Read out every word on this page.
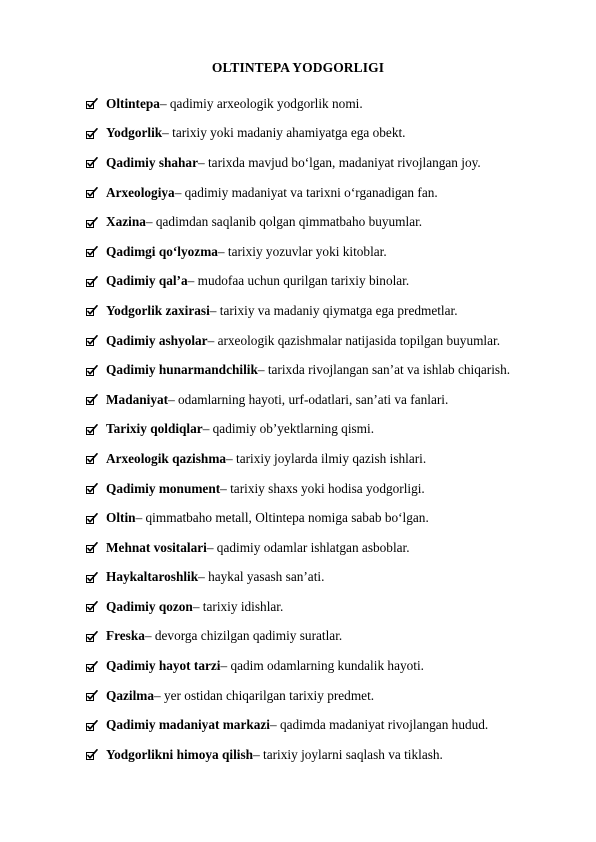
OLTINTEPA YODGORLIGI
Oltintepa – qadimiy arxeologik yodgorlik nomi.
Yodgorlik – tarixiy yoki madaniy ahamiyatga ega obekt.
Qadimiy shahar – tarixda mavjud bo‘lgan, madaniyat rivojlangan joy.
Arxeologiya – qadimiy madaniyat va tarixni o‘rganadigan fan.
Xazina – qadimdan saqlanib qolgan qimmatbaho buyumlar.
Qadimgi qo‘lyozma – tarixiy yozuvlar yoki kitoblar.
Qadimiy qal’a – mudofaa uchun qurilgan tarixiy binolar.
Yodgorlik zaxirasi – tarixiy va madaniy qiymatga ega predmetlar.
Qadimiy ashyolar – arxeologik qazishmalar natijasida topilgan buyumlar.
Qadimiy hunarmandchilik – tarixda rivojlangan san’at va ishlab chiqarish.
Madaniyat – odamlarning hayoti, urf-odatlari, san’ati va fanlari.
Tarixiy qoldiqlar – qadimiy ob’yektlarning qismi.
Arxeologik qazishma – tarixiy joylarda ilmiy qazish ishlari.
Qadimiy monument – tarixiy shaxs yoki hodisa yodgorligi.
Oltin – qimmatbaho metall, Oltintepa nomiga sabab bo‘lgan.
Mehnat vositalari – qadimiy odamlar ishlatgan asboblar.
Haykaltaroshlik – haykal yasash san’ati.
Qadimiy qozon – tarixiy idishlar.
Freska – devorga chizilgan qadimiy suratlar.
Qadimiy hayot tarzi – qadim odamlarning kundalik hayoti.
Qazilma – yer ostidan chiqarilgan tarixiy predmet.
Qadimiy madaniyat markazi – qadimda madaniyat rivojlangan hudud.
Yodgorlikni himoya qilish – tarixiy joylarni saqlash va tiklash.
